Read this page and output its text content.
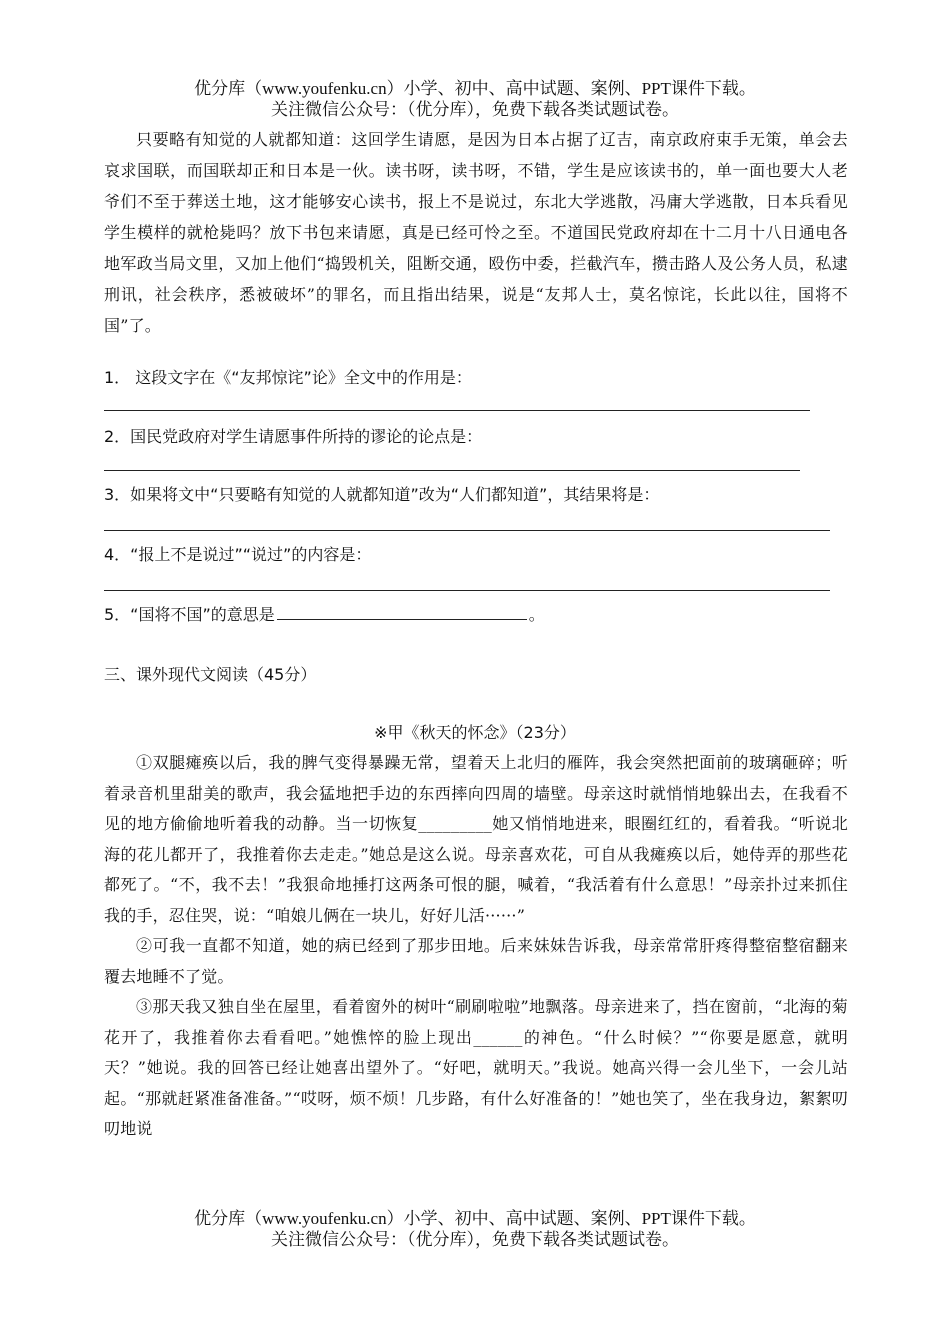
优分库（www.youfenku.cn）小学、初中、高中试题、案例、PPT课件下载。
关注微信公众号：（优分库），免费下载各类试题试卷。

只要略有知觉的人就都知道：这回学生请愿，是因为日本占据了辽吉，南京政府束手无策，单会去哀求国联，而国联却正和日本是一伙。读书呀，读书呀，不错，学生是应该读书的，单一面也要大人老爷们不至于葬送土地，这才能够安心读书，报上不是说过，东北大学逃散，冯庸大学逃散，日本兵看见学生模样的就枪毙吗？放下书包来请愿，真是已经可怜之至。不道国民党政府却在十二月十八日通电各地军政当局文里，又加上他们“捣毁机关，阻断交通，殴伤中委，拦截汽车，攒击路人及公务人员，私逮刑讯，社会秩序，悉被破坏”的罪名，而且指出结果，说是“友邦人士，莫名惊诧，长此以往，国将不国”了。

1． 这段文字在《“友邦惊诧”论》全文中的作用是：
2．国民党政府对学生请愿事件所持的谬论的论点是：
3．如果将文中“只要略有知觉的人就都知道”改为“人们都知道”，其结果将是：
4．“报上不是说过”“说过”的内容是：
5．“国将不国”的意思是	。
三、课外现代文阅读（45分）
※甲《秋天的怀念》（23分）

①双腿瘫痪以后，我的脾气变得暴躁无常，望着天上北归的雁阵，我会突然把面前的玻璃砸碎；听着录音机里甜美的歌声，我会猛地把手边的东西摔向四周的墙壁。母亲这时就悄悄地躲出去，在我看不见的地方偷偷地听着我的动静。当一切恢复_________她又悄悄地进来，眼圈红红的，看着我。“听说北海的花儿都开了，我推着你去走走。”她总是这么说。母亲喜欢花，可自从我瘫痪以后，她侍弄的那些花都死了。“不，我不去！”我狠命地捶打这两条可恨的腿，喊着，“我活着有什么意思！”母亲扑过来抓住我的手，忍住哭，说：“咱娘儿俩在一块儿，好好儿活······”

②可我一直都不知道，她的病已经到了那步田地。后来妹妹告诉我，母亲常常肝疼得整宿整宿翻来覆去地睡不了觉。

③那天我又独自坐在屋里，看着窗外的树叶“刷刷啦啦”地飘落。母亲进来了，挡在窗前，“北海的菊花开了，我推着你去看看吧。”她憔悴的脸上现出______的神色。“什么时候？”“你要是愿意，就明天？”她说。我的回答已经让她喜出望外了。“好吧，就明天。”我说。她高兴得一会儿坐下，一会儿站起。“那就赶紧准备准备。”“哎呀，烦不烦！几步路，有什么好准备的！”她也笑了，坐在我身边，絮絮叨叨地说

优分库（www.youfenku.cn）小学、初中、高中试题、案例、PPT课件下载。
关注微信公众号：（优分库），免费下载各类试题试卷。
